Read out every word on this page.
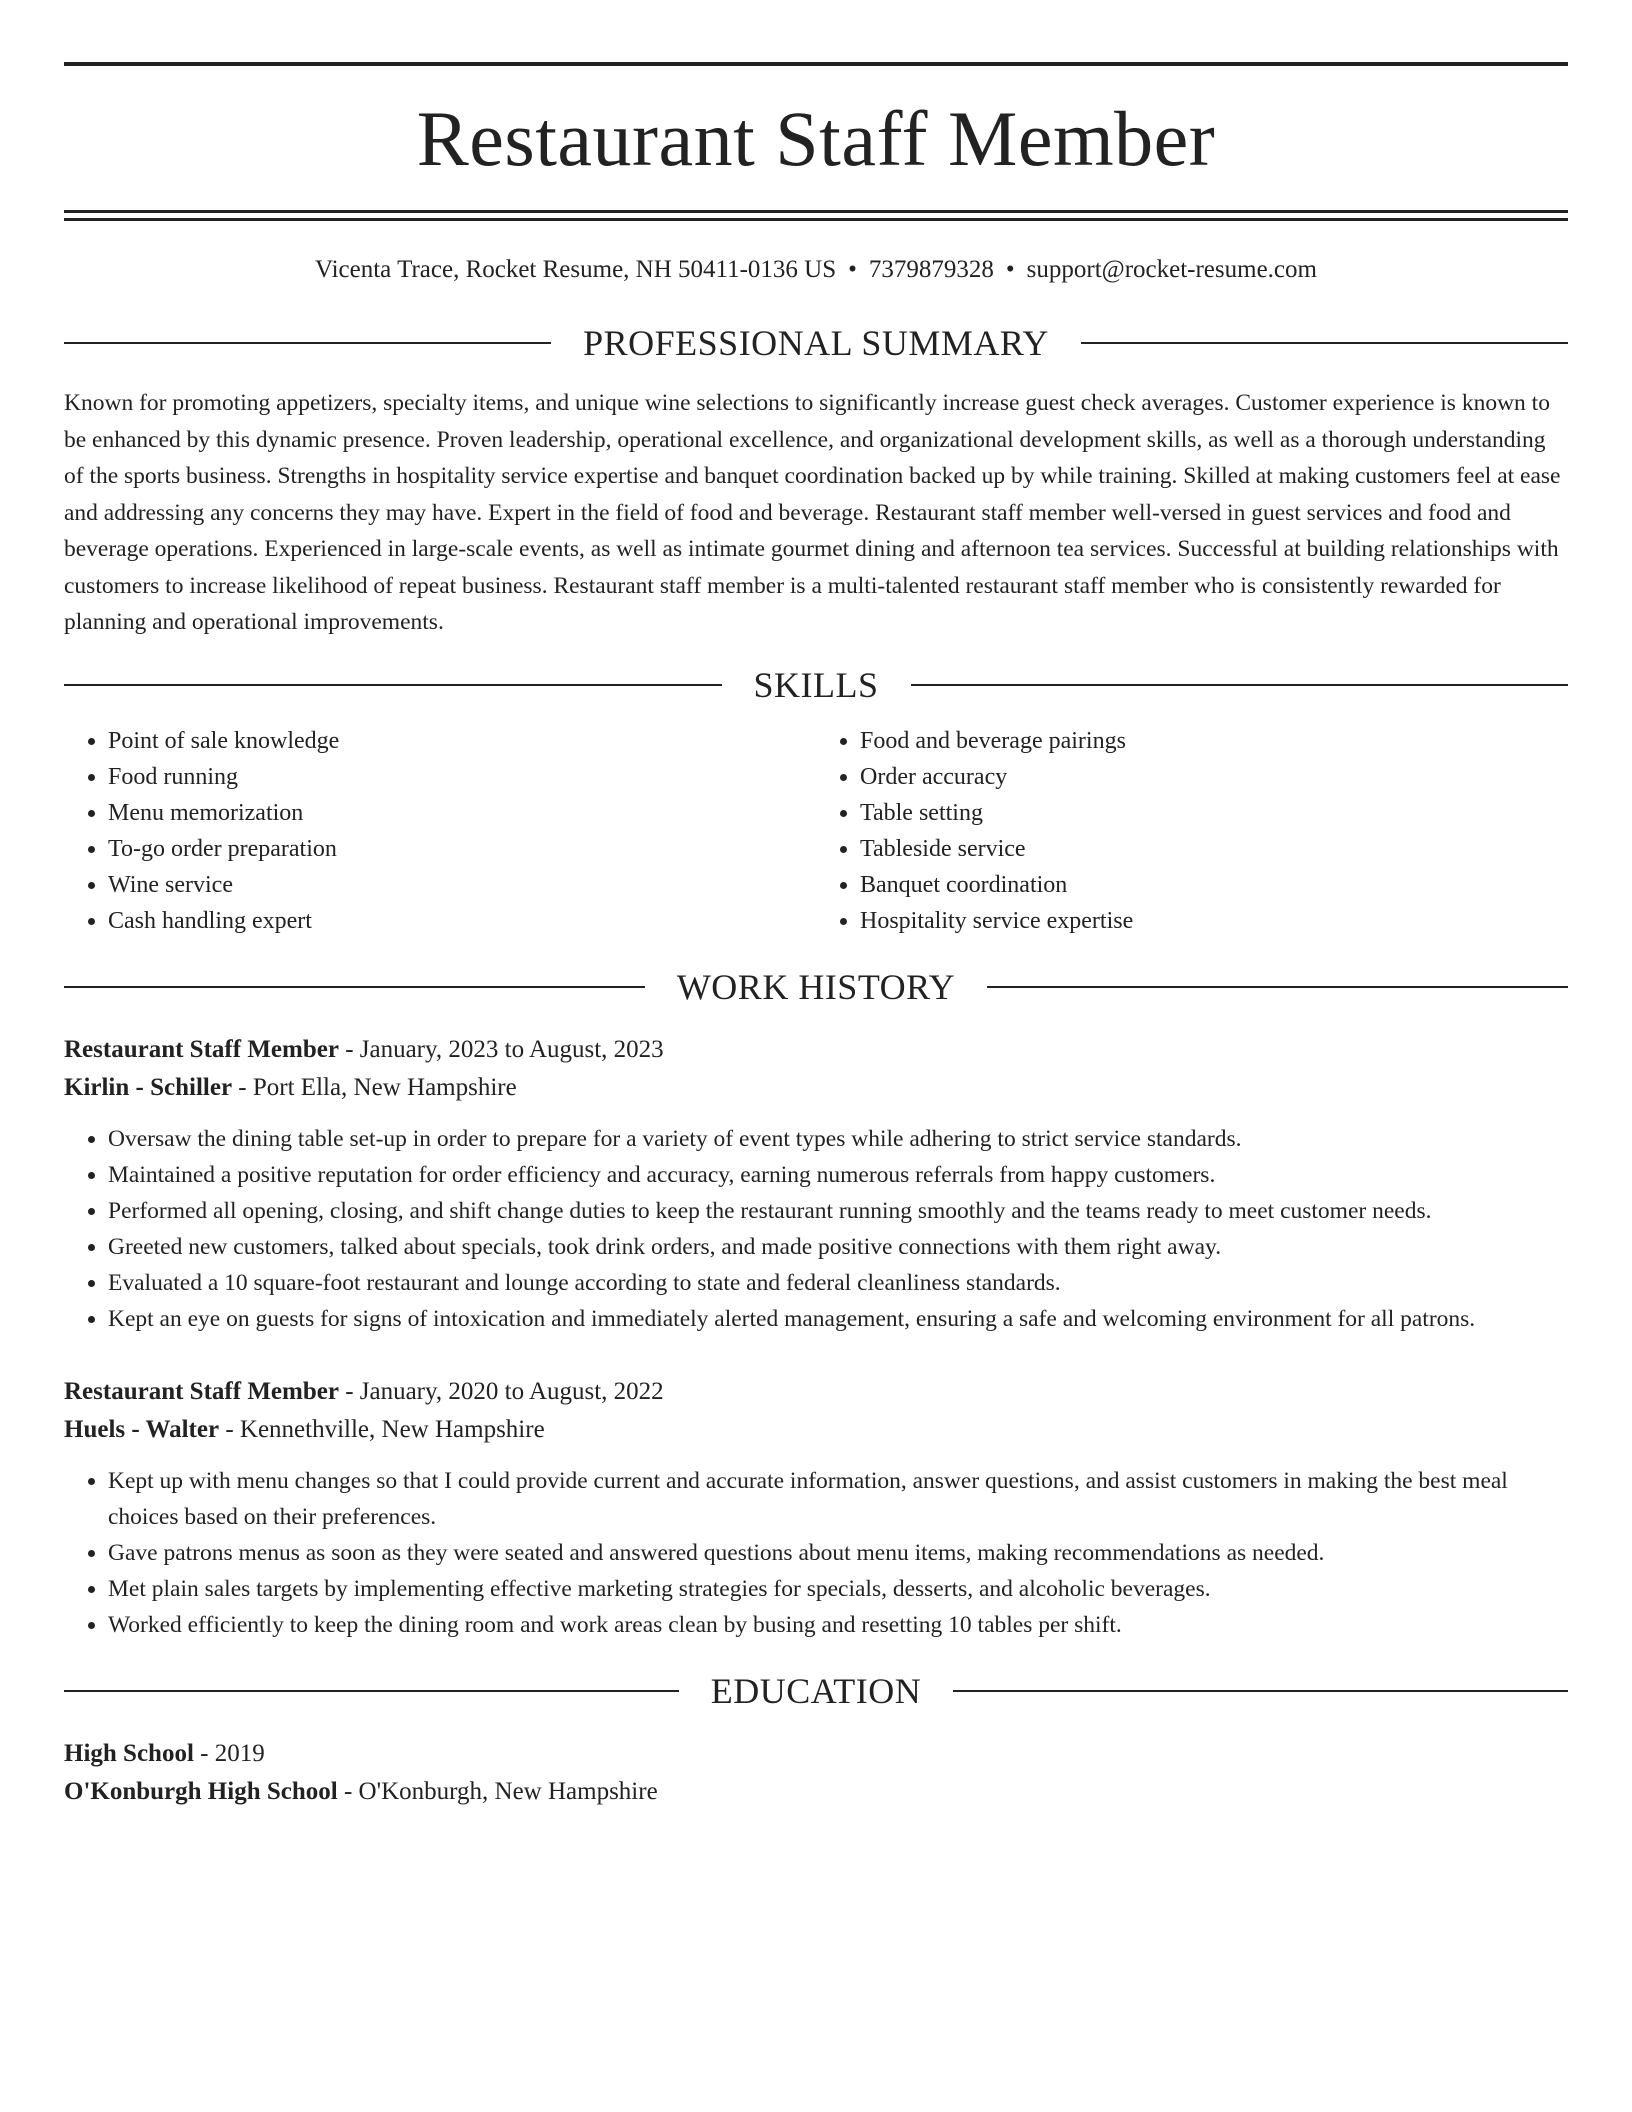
Restaurant Staff Member
Vicenta Trace, Rocket Resume, NH 50411-0136 US • 7379879328 • support@rocket-resume.com
PROFESSIONAL SUMMARY

Known for promoting appetizers, specialty items, and unique wine selections to significantly increase guest check averages. Customer experience is known to be enhanced by this dynamic presence. Proven leadership, operational excellence, and organizational development skills, as well as a thorough understanding of the sports business. Strengths in hospitality service expertise and banquet coordination backed up by while training. Skilled at making customers feel at ease and addressing any concerns they may have. Expert in the field of food and beverage. Restaurant staff member well-versed in guest services and food and beverage operations. Experienced in large-scale events, as well as intimate gourmet dining and afternoon tea services. Successful at building relationships with customers to increase likelihood of repeat business. Restaurant staff member is a multi-talented restaurant staff member who is consistently rewarded for planning and operational improvements.

SKILLS
• Point of sale knowledge
• Food running
• Menu memorization
• To-go order preparation
• Wine service
• Cash handling expert
• Food and beverage pairings
• Order accuracy
• Table setting
• Tableside service
• Banquet coordination
• Hospitality service expertise
WORK HISTORY
Restaurant Staff Member - January, 2023 to August, 2023
Kirlin - Schiller - Port Ella, New Hampshire
• Oversaw the dining table set-up in order to prepare for a variety of event types while adhering to strict service standards.
• Maintained a positive reputation for order efficiency and accuracy, earning numerous referrals from happy customers.
• Performed all opening, closing, and shift change duties to keep the restaurant running smoothly and the teams ready to meet customer needs.
• Greeted new customers, talked about specials, took drink orders, and made positive connections with them right away.
• Evaluated a 10 square-foot restaurant and lounge according to state and federal cleanliness standards.
• Kept an eye on guests for signs of intoxication and immediately alerted management, ensuring a safe and welcoming environment for all patrons.
Restaurant Staff Member - January, 2020 to August, 2022
Huels - Walter - Kennethville, New Hampshire
• Kept up with menu changes so that I could provide current and accurate information, answer questions, and assist customers in making the best meal choices based on their preferences.
• Gave patrons menus as soon as they were seated and answered questions about menu items, making recommendations as needed.
• Met plain sales targets by implementing effective marketing strategies for specials, desserts, and alcoholic beverages.
• Worked efficiently to keep the dining room and work areas clean by busing and resetting 10 tables per shift.
EDUCATION
High School - 2019
O'Konburgh High School - O'Konburgh, New Hampshire
